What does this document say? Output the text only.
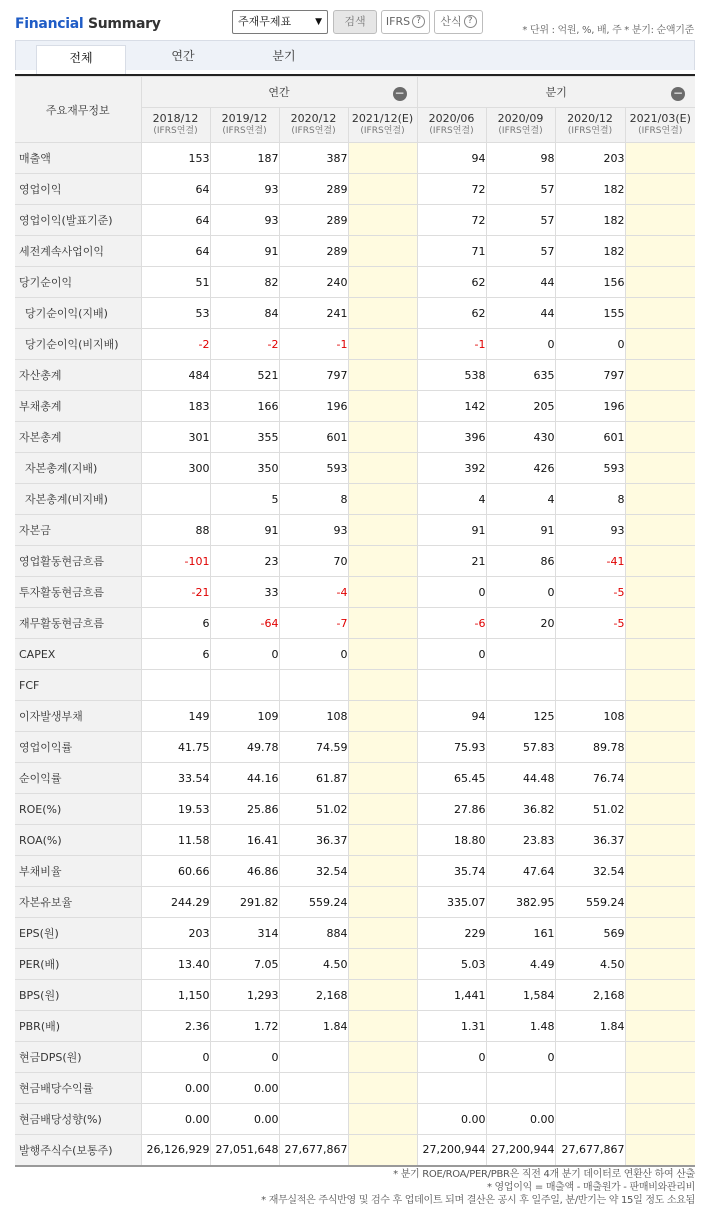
Financial Summary	주재무제표	▼	검색	IFRS ?	산식 ?
* 단위 : 억원, %, 배, 주 * 분기: 순액기준
전체	연간	분기
주요재무정보	연간 −				분기 −			

	2018/12
(IFRS연결)	2019/12
(IFRS연결)	2020/12
(IFRS연결)	2021/12(E)
(IFRS연결)	2020/06
(IFRS연결)	2020/09
(IFRS연결)	2020/12
(IFRS연결)	2021/03(E)
(IFRS연결)

매출액	153	187	387		94	98	203	
영업이익	64	93	289		72	57	182	
영업이익(발표기준)	64	93	289		72	57	182	
세전계속사업이익	64	91	289		71	57	182	
당기순이익	51	82	240		62	44	156	
당기순이익(지배)	53	84	241		62	44	155	
당기순이익(비지배)	-2	-2	-1		-1	0	0	
자산총계	484	521	797		538	635	797	
부채총계	183	166	196		142	205	196	
자본총계	301	355	601		396	430	601	
자본총계(지배)	300	350	593		392	426	593	
자본총계(비지배)		5	8		4	4	8	
자본금	88	91	93		91	91	93	
영업활동현금흐름	-101	23	70		21	86	-41	
투자활동현금흐름	-21	33	-4		0	0	-5	
재무활동현금흐름	6	-64	-7		-6	20	-5	
CAPEX	6	0	0		0			
FCF								
이자발생부채	149	109	108		94	125	108	
영업이익률	41.75	49.78	74.59		75.93	57.83	89.78	
순이익률	33.54	44.16	61.87		65.45	44.48	76.74	
ROE(%)	19.53	25.86	51.02		27.86	36.82	51.02	
ROA(%)	11.58	16.41	36.37		18.80	23.83	36.37	
부채비율	60.66	46.86	32.54		35.74	47.64	32.54	
자본유보율	244.29	291.82	559.24		335.07	382.95	559.24	
EPS(원)	203	314	884		229	161	569	
PER(배)	13.40	7.05	4.50		5.03	4.49	4.50	
BPS(원)	1,150	1,293	2,168		1,441	1,584	2,168	
PBR(배)	2.36	1.72	1.84		1.31	1.48	1.84	
현금DPS(원)	0	0			0	0		
현금배당수익률	0.00	0.00						
현금배당성향(%)	0.00	0.00			0.00	0.00		
발행주식수(보통주)	26,126,929	27,051,648	27,677,867		27,200,944	27,200,944	27,677,867	
* 분기 ROE/ROA/PER/PBR은 직전 4개 분기 데이터로 연환산 하여 산출
* 영업이익 = 매출액 - 매출원가 - 판매비와관리비
* 재무실적은 주식반영 및 검수 후 업데이트 되며 결산은 공시 후 일주일, 분/반기는 약 15일 정도 소요됨
